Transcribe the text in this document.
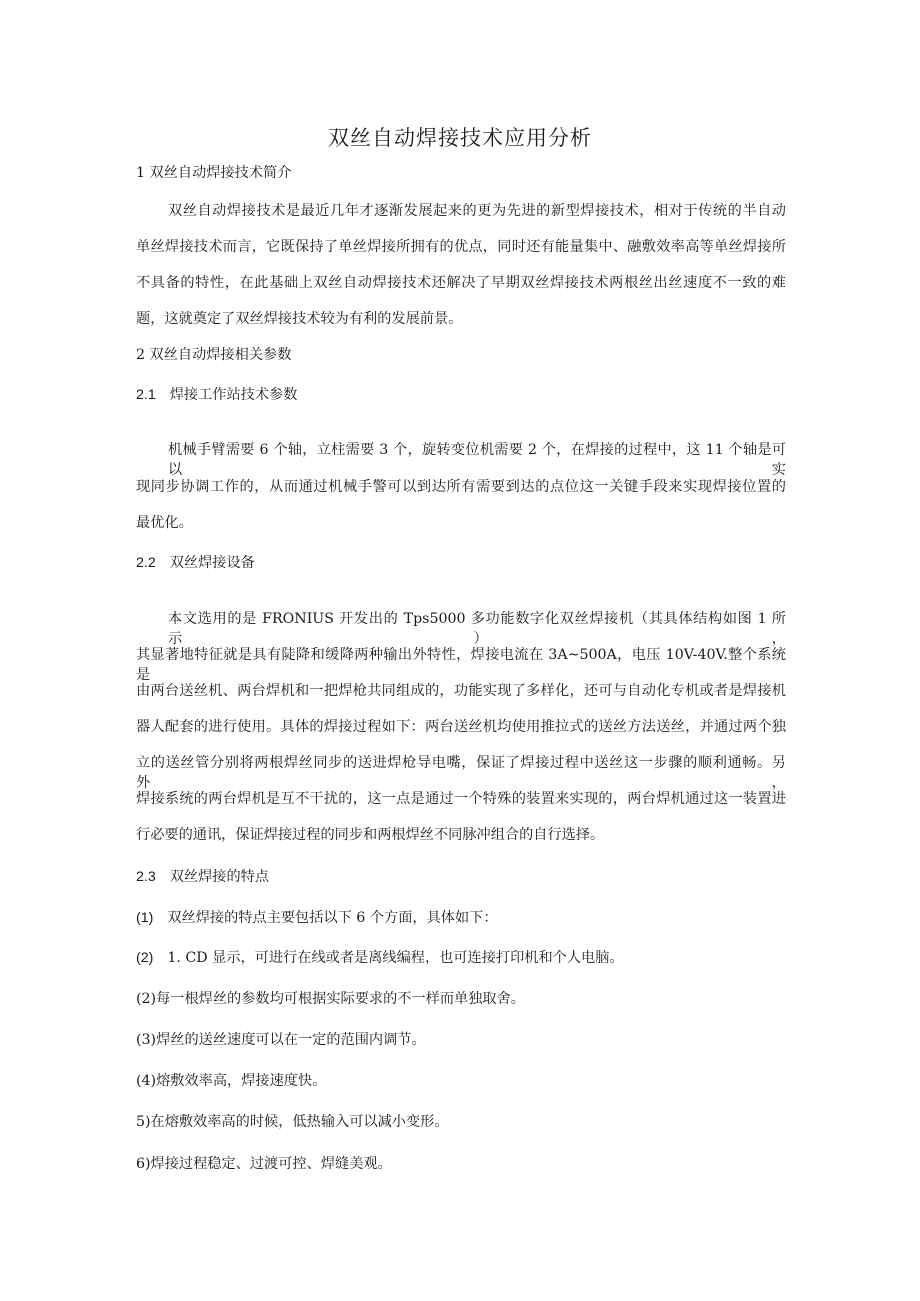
双丝自动焊接技术应用分析
1 双丝自动焊接技术简介
双丝自动焊接技术是最近几年才逐渐发展起来的更为先进的新型焊接技术，相对于传统的半自动
单丝焊接技术而言，它既保持了单丝焊接所拥有的优点，同时还有能量集中、融敷效率高等单丝焊接所
不具备的特性，在此基础上双丝自动焊接技术还解决了早期双丝焊接技术两根丝出丝速度不一致的难
题，这就奠定了双丝焊接技术较为有利的发展前景。
2 双丝自动焊接相关参数
2.1 焊接工作站技术参数
机械手臂需要 6 个轴，立柱需要 3 个，旋转变位机需要 2 个，在焊接的过程中，这 11 个轴是可以实
现同步协调工作的，从而通过机械手警可以到达所有需要到达的点位这一关键手段来实现焊接位置的
最优化。
2.2 双丝焊接设备
本文选用的是 FRONIUS 开发出的 Tps5000 多功能数字化双丝焊接机（其具体结构如图 1 所示），
其显著地特征就是具有陡降和缓降两种输出外特性，焊接电流在 3A~500A，电压 10V-40V.整个系统是
由两台送丝机、两台焊机和一把焊枪共同组成的，功能实现了多样化，还可与自动化专机或者是焊接机
器人配套的进行使用。具体的焊接过程如下：两台送丝机均使用推拉式的送丝方法送丝，并通过两个独
立的送丝管分别将两根焊丝同步的送进焊枪导电嘴，保证了焊接过程中送丝这一步骤的顺利通畅。另外，
焊接系统的两台焊机是互不干扰的，这一点是通过一个特殊的装置来实现的，两台焊机通过这一装置进
行必要的通讯，保证焊接过程的同步和两根焊丝不同脉冲组合的自行选择。
2.3 双丝焊接的特点
(1) 双丝焊接的特点主要包括以下 6 个方面，具体如下：
(2) 1. CD 显示，可进行在线或者是离线编程，也可连接打印机和个人电脑。
(2)每一根焊丝的参数均可根据实际要求的不一样而单独取舍。
(3)焊丝的送丝速度可以在一定的范围内调节。
(4)熔敷效率高，焊接速度快。
5)在熔敷效率高的时候，低热输入可以减小变形。
6)焊接过程稳定、过渡可控、焊缝美观。
